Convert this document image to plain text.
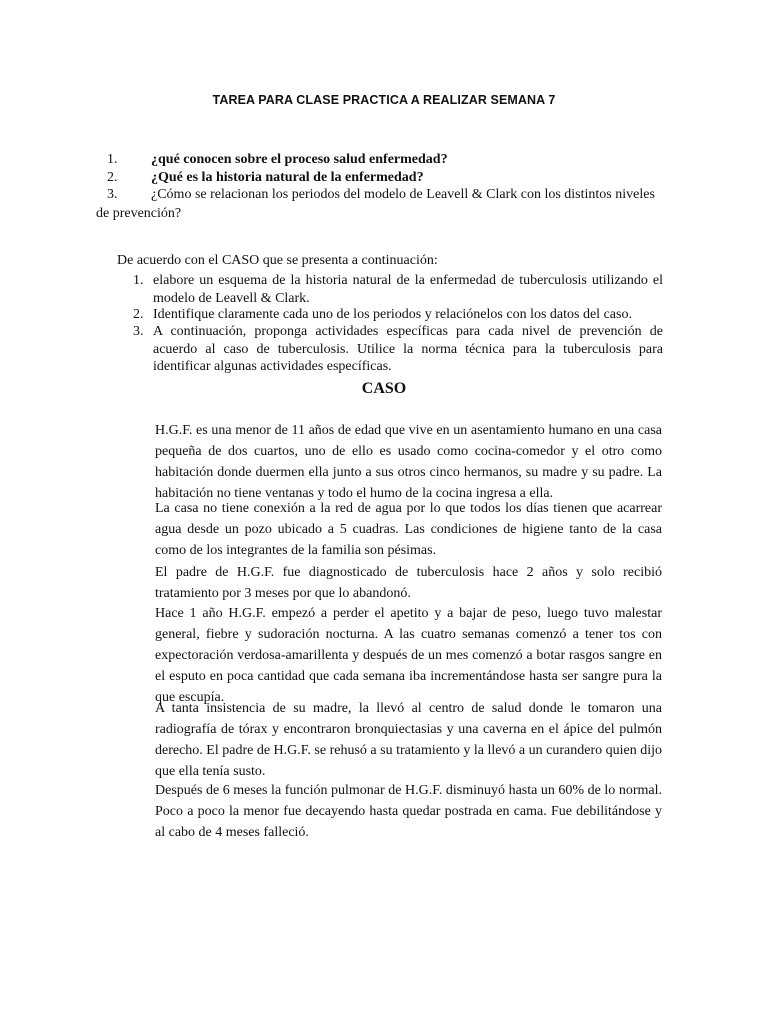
TAREA PARA CLASE PRACTICA A REALIZAR SEMANA 7
1.	¿qué conocen sobre el proceso salud enfermedad?
2.	¿Qué es la historia natural de la enfermedad?
3.	¿Cómo se relacionan los periodos del modelo de Leavell & Clark con los distintos niveles
de prevención?
De acuerdo con el CASO que se presenta a continuación:
1. elabore un esquema de la historia natural de la enfermedad de tuberculosis utilizando el modelo de Leavell & Clark.
2. Identifique claramente cada uno de los periodos y relaciónelos con los datos del caso.
3. A continuación, proponga actividades específicas para cada nivel de prevención de acuerdo al caso de tuberculosis. Utilice la norma técnica para la tuberculosis para identificar algunas actividades específicas.
CASO

H.G.F. es una menor de 11 años de edad que vive en un asentamiento humano en una casa pequeña de dos cuartos, uno de ello es usado como cocina-comedor y el otro como habitación donde duermen ella junto a sus otros cinco hermanos, su madre y su padre. La habitación no tiene ventanas y todo el humo de la cocina ingresa a ella.

La casa no tiene conexión a la red de agua por lo que todos los días tienen que acarrear agua desde un pozo ubicado a 5 cuadras. Las condiciones de higiene tanto de la casa como de los integrantes de la familia son pésimas.

El padre de H.G.F. fue diagnosticado de tuberculosis hace 2 años y solo recibió tratamiento por 3 meses por que lo abandonó.

Hace 1 año H.G.F. empezó a perder el apetito y a bajar de peso, luego tuvo malestar general, fiebre y sudoración nocturna. A las cuatro semanas comenzó a tener tos con expectoración verdosa-amarillenta y después de un mes comenzó a botar rasgos sangre en el esputo en poca cantidad que cada semana iba incrementándose hasta ser sangre pura la que escupía.

A tanta insistencia de su madre, la llevó al centro de salud donde le tomaron una radiografía de tórax y encontraron bronquiectasias y una caverna en el ápice del pulmón derecho. El padre de H.G.F. se rehusó a su tratamiento y la llevó a un curandero quien dijo que ella tenía susto.

Después de 6 meses la función pulmonar de H.G.F. disminuyó hasta un 60% de lo normal. Poco a poco la menor fue decayendo hasta quedar postrada en cama. Fue debilitándose y al cabo de 4 meses falleció.
